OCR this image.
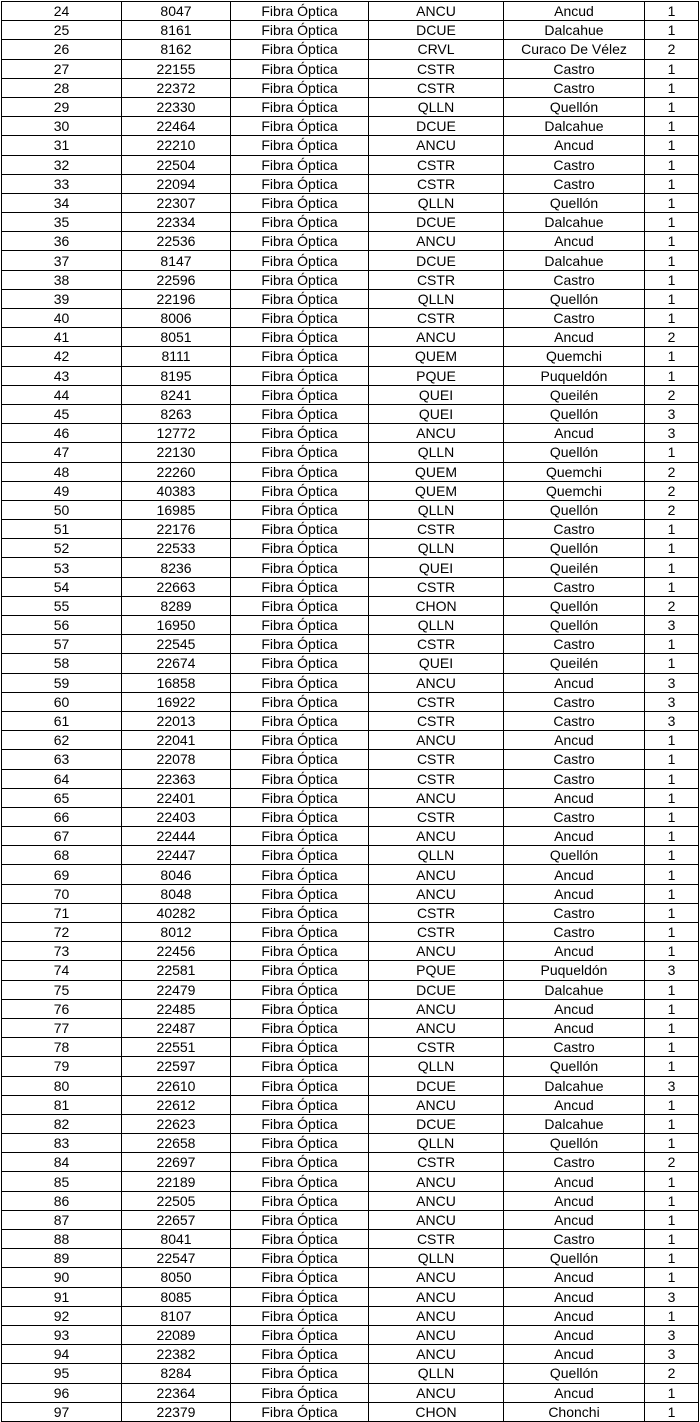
24	8047	Fibra Óptica	ANCU	Ancud	1
25	8161	Fibra Óptica	DCUE	Dalcahue	1
26	8162	Fibra Óptica	CRVL	Curaco De Vélez	2
27	22155	Fibra Óptica	CSTR	Castro	1
28	22372	Fibra Óptica	CSTR	Castro	1
29	22330	Fibra Óptica	QLLN	Quellón	1
30	22464	Fibra Óptica	DCUE	Dalcahue	1
31	22210	Fibra Óptica	ANCU	Ancud	1
32	22504	Fibra Óptica	CSTR	Castro	1
33	22094	Fibra Óptica	CSTR	Castro	1
34	22307	Fibra Óptica	QLLN	Quellón	1
35	22334	Fibra Óptica	DCUE	Dalcahue	1
36	22536	Fibra Óptica	ANCU	Ancud	1
37	8147	Fibra Óptica	DCUE	Dalcahue	1
38	22596	Fibra Óptica	CSTR	Castro	1
39	22196	Fibra Óptica	QLLN	Quellón	1
40	8006	Fibra Óptica	CSTR	Castro	1
41	8051	Fibra Óptica	ANCU	Ancud	2
42	8111	Fibra Óptica	QUEM	Quemchi	1
43	8195	Fibra Óptica	PQUE	Puqueldón	1
44	8241	Fibra Óptica	QUEI	Queilén	2
45	8263	Fibra Óptica	QUEI	Quellón	3
46	12772	Fibra Óptica	ANCU	Ancud	3
47	22130	Fibra Óptica	QLLN	Quellón	1
48	22260	Fibra Óptica	QUEM	Quemchi	2
49	40383	Fibra Óptica	QUEM	Quemchi	2
50	16985	Fibra Óptica	QLLN	Quellón	2
51	22176	Fibra Óptica	CSTR	Castro	1
52	22533	Fibra Óptica	QLLN	Quellón	1
53	8236	Fibra Óptica	QUEI	Queilén	1
54	22663	Fibra Óptica	CSTR	Castro	1
55	8289	Fibra Óptica	CHON	Quellón	2
56	16950	Fibra Óptica	QLLN	Quellón	3
57	22545	Fibra Óptica	CSTR	Castro	1
58	22674	Fibra Óptica	QUEI	Queilén	1
59	16858	Fibra Óptica	ANCU	Ancud	3
60	16922	Fibra Óptica	CSTR	Castro	3
61	22013	Fibra Óptica	CSTR	Castro	3
62	22041	Fibra Óptica	ANCU	Ancud	1
63	22078	Fibra Óptica	CSTR	Castro	1
64	22363	Fibra Óptica	CSTR	Castro	1
65	22401	Fibra Óptica	ANCU	Ancud	1
66	22403	Fibra Óptica	CSTR	Castro	1
67	22444	Fibra Óptica	ANCU	Ancud	1
68	22447	Fibra Óptica	QLLN	Quellón	1
69	8046	Fibra Óptica	ANCU	Ancud	1
70	8048	Fibra Óptica	ANCU	Ancud	1
71	40282	Fibra Óptica	CSTR	Castro	1
72	8012	Fibra Óptica	CSTR	Castro	1
73	22456	Fibra Óptica	ANCU	Ancud	1
74	22581	Fibra Óptica	PQUE	Puqueldón	3
75	22479	Fibra Óptica	DCUE	Dalcahue	1
76	22485	Fibra Óptica	ANCU	Ancud	1
77	22487	Fibra Óptica	ANCU	Ancud	1
78	22551	Fibra Óptica	CSTR	Castro	1
79	22597	Fibra Óptica	QLLN	Quellón	1
80	22610	Fibra Óptica	DCUE	Dalcahue	3
81	22612	Fibra Óptica	ANCU	Ancud	1
82	22623	Fibra Óptica	DCUE	Dalcahue	1
83	22658	Fibra Óptica	QLLN	Quellón	1
84	22697	Fibra Óptica	CSTR	Castro	2
85	22189	Fibra Óptica	ANCU	Ancud	1
86	22505	Fibra Óptica	ANCU	Ancud	1
87	22657	Fibra Óptica	ANCU	Ancud	1
88	8041	Fibra Óptica	CSTR	Castro	1
89	22547	Fibra Óptica	QLLN	Quellón	1
90	8050	Fibra Óptica	ANCU	Ancud	1
91	8085	Fibra Óptica	ANCU	Ancud	3
92	8107	Fibra Óptica	ANCU	Ancud	1
93	22089	Fibra Óptica	ANCU	Ancud	3
94	22382	Fibra Óptica	ANCU	Ancud	3
95	8284	Fibra Óptica	QLLN	Quellón	2
96	22364	Fibra Óptica	ANCU	Ancud	1
97	22379	Fibra Óptica	CHON	Chonchi	1
